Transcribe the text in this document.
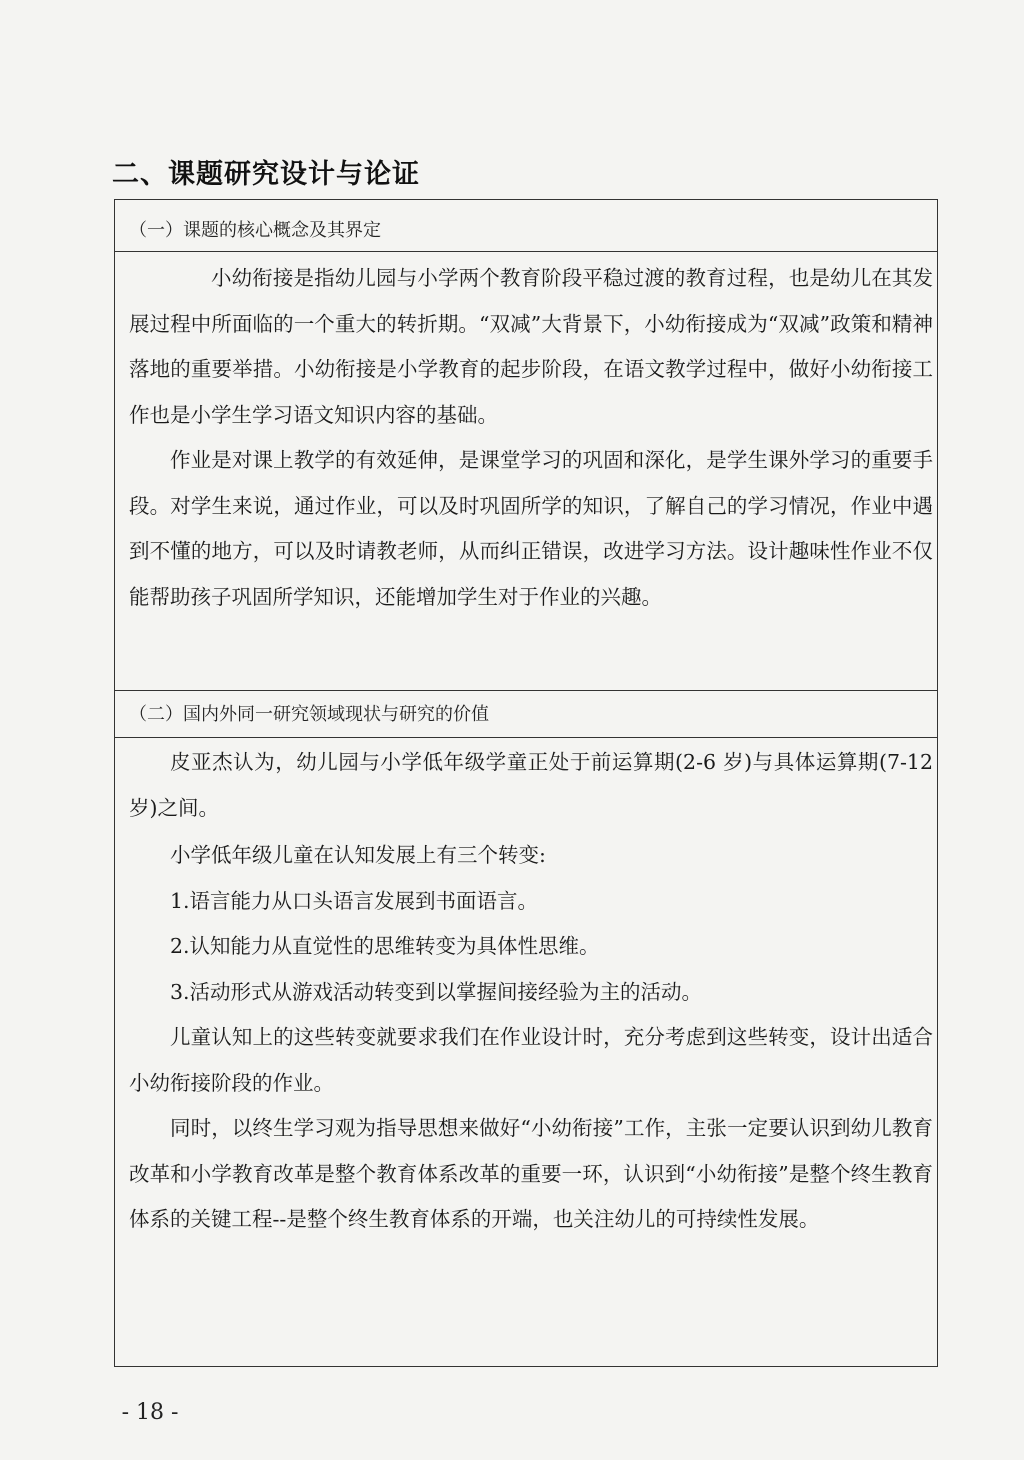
二、课题研究设计与论证
（一）课题的核心概念及其界定

小幼衔接是指幼儿园与小学两个教育阶段平稳过渡的教育过程，也是幼儿在其发展过程中所面临的一个重大的转折期。“双减”大背景下，小幼衔接成为“双减”政策和精神落地的重要举措。小幼衔接是小学教育的起步阶段，在语文教学过程中，做好小幼衔接工作也是小学生学习语文知识内容的基础。

作业是对课上教学的有效延伸，是课堂学习的巩固和深化，是学生课外学习的重要手段。对学生来说，通过作业，可以及时巩固所学的知识，了解自己的学习情况，作业中遇到不懂的地方，可以及时请教老师，从而纠正错误，改进学习方法。设计趣味性作业不仅能帮助孩子巩固所学知识，还能增加学生对于作业的兴趣。

（二）国内外同一研究领域现状与研究的价值

皮亚杰认为，幼儿园与小学低年级学童正处于前运算期(2-6 岁)与具体运算期(7-12 岁)之间。

小学低年级儿童在认知发展上有三个转变:

1.语言能力从口头语言发展到书面语言。

2.认知能力从直觉性的思维转变为具体性思维。

3.活动形式从游戏活动转变到以掌握间接经验为主的活动。

儿童认知上的这些转变就要求我们在作业设计时，充分考虑到这些转变，设计出适合小幼衔接阶段的作业。

同时，以终生学习观为指导思想来做好“小幼衔接”工作，主张一定要认识到幼儿教育改革和小学教育改革是整个教育体系改革的重要一环，认识到“小幼衔接”是整个终生教育体系的关键工程--是整个终生教育体系的开端，也关注幼儿的可持续性发展。

- 18 -
